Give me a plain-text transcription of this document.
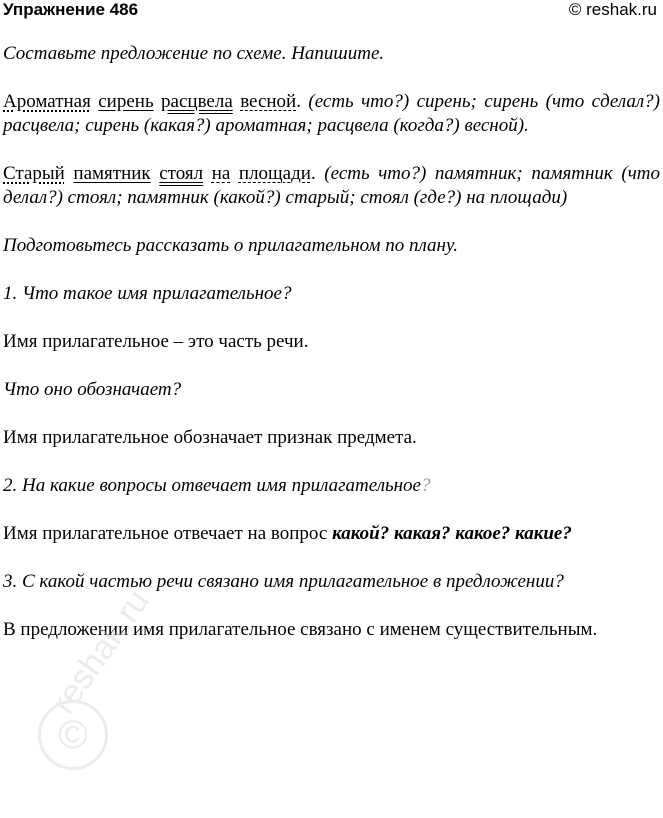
Упражнение 486	© reshak.ru

Составьте предложение по схеме. Напишите.

Ароматная сирень расцвела весной. (есть что?) сирень; сирень (что сделал?) расцвела; сирень (какая?) ароматная; расцвела (когда?) весной).

Старый памятник стоял на площади. (есть что?) памятник; памятник (что делал?) стоял; памятник (какой?) старый; стоял (где?) на площади)

Подготовьтесь рассказать о прилагательном по плану.

1. Что такое имя прилагательное?

Имя прилагательное – это часть речи.

Что оно обозначает?

Имя прилагательное обозначает признак предмета.

2. На какие вопросы отвечает имя прилагательное?

Имя прилагательное отвечает на вопрос какой? какая? какое? какие?

3. С какой частью речи связано имя прилагательное в предложении?

В предложении имя прилагательное связано с именем существительным.

©
reshak.ru
